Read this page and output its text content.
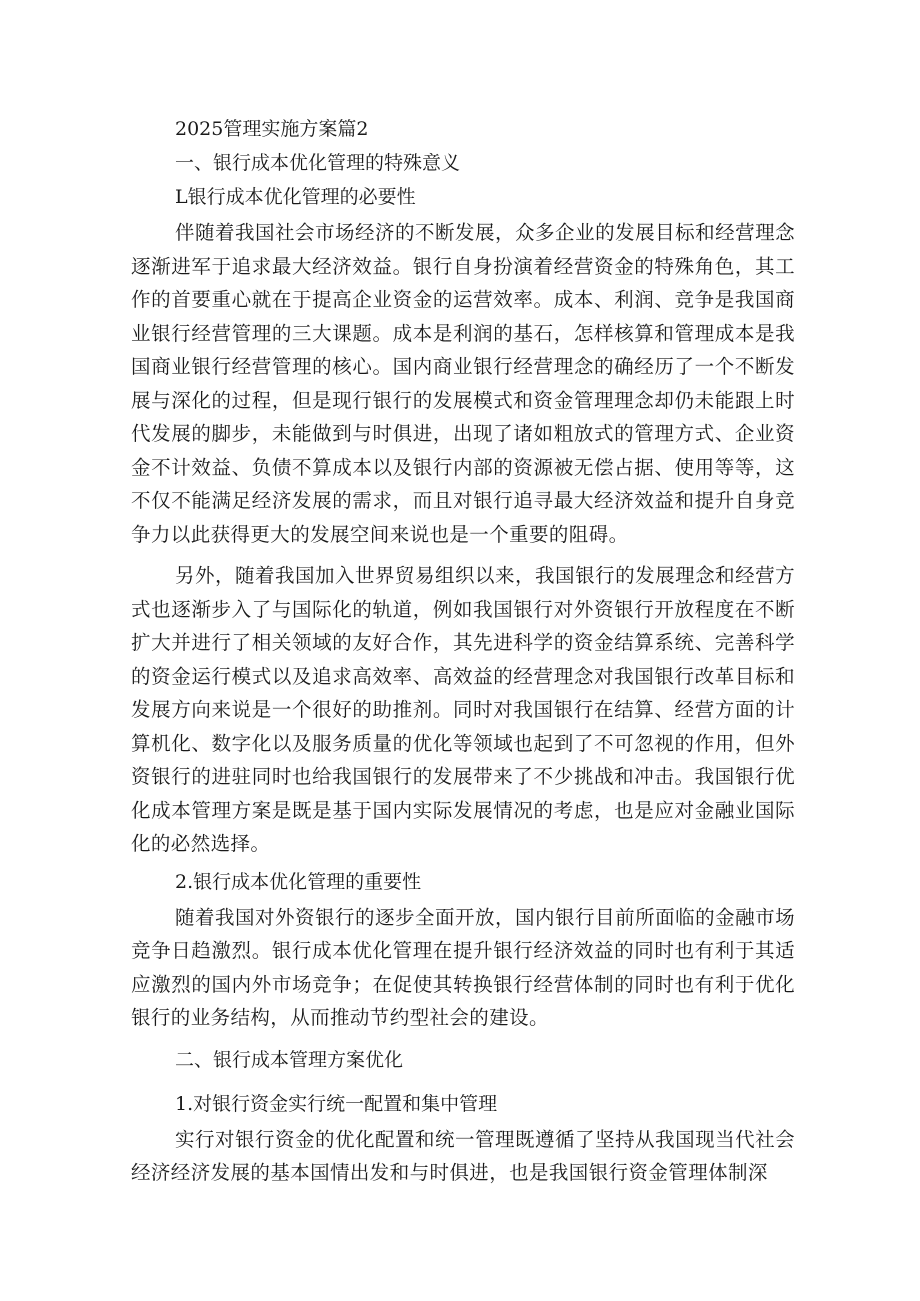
2025管理实施方案篇2

一、银行成本优化管理的特殊意义

L银行成本优化管理的必要性

伴随着我国社会市场经济的不断发展，众多企业的发展目标和经营理念逐渐进军于追求最大经济效益。银行自身扮演着经营资金的特殊角色，其工作的首要重心就在于提高企业资金的运营效率。成本、利润、竞争是我国商业银行经营管理的三大课题。成本是利润的基石，怎样核算和管理成本是我国商业银行经营管理的核心。国内商业银行经营理念的确经历了一个不断发展与深化的过程，但是现行银行的发展模式和资金管理理念却仍未能跟上时代发展的脚步，未能做到与时俱进，出现了诸如粗放式的管理方式、企业资金不计效益、负债不算成本以及银行内部的资源被无偿占据、使用等等，这不仅不能满足经济发展的需求，而且对银行追寻最大经济效益和提升自身竞争力以此获得更大的发展空间来说也是一个重要的阻碍。

另外，随着我国加入世界贸易组织以来，我国银行的发展理念和经营方式也逐渐步入了与国际化的轨道，例如我国银行对外资银行开放程度在不断扩大并进行了相关领域的友好合作，其先进科学的资金结算系统、完善科学的资金运行模式以及追求高效率、高效益的经营理念对我国银行改革目标和发展方向来说是一个很好的助推剂。同时对我国银行在结算、经营方面的计算机化、数字化以及服务质量的优化等领域也起到了不可忽视的作用，但外资银行的进驻同时也给我国银行的发展带来了不少挑战和冲击。我国银行优化成本管理方案是既是基于国内实际发展情况的考虑，也是应对金融业国际化的必然选择。

2.银行成本优化管理的重要性

随着我国对外资银行的逐步全面开放，国内银行目前所面临的金融市场竞争日趋激烈。银行成本优化管理在提升银行经济效益的同时也有利于其适应激烈的国内外市场竞争；在促使其转换银行经营体制的同时也有利于优化银行的业务结构，从而推动节约型社会的建设。

二、银行成本管理方案优化

1.对银行资金实行统一配置和集中管理

实行对银行资金的优化配置和统一管理既遵循了坚持从我国现当代社会经济经济发展的基本国情出发和与时俱进，也是我国银行资金管理体制深
